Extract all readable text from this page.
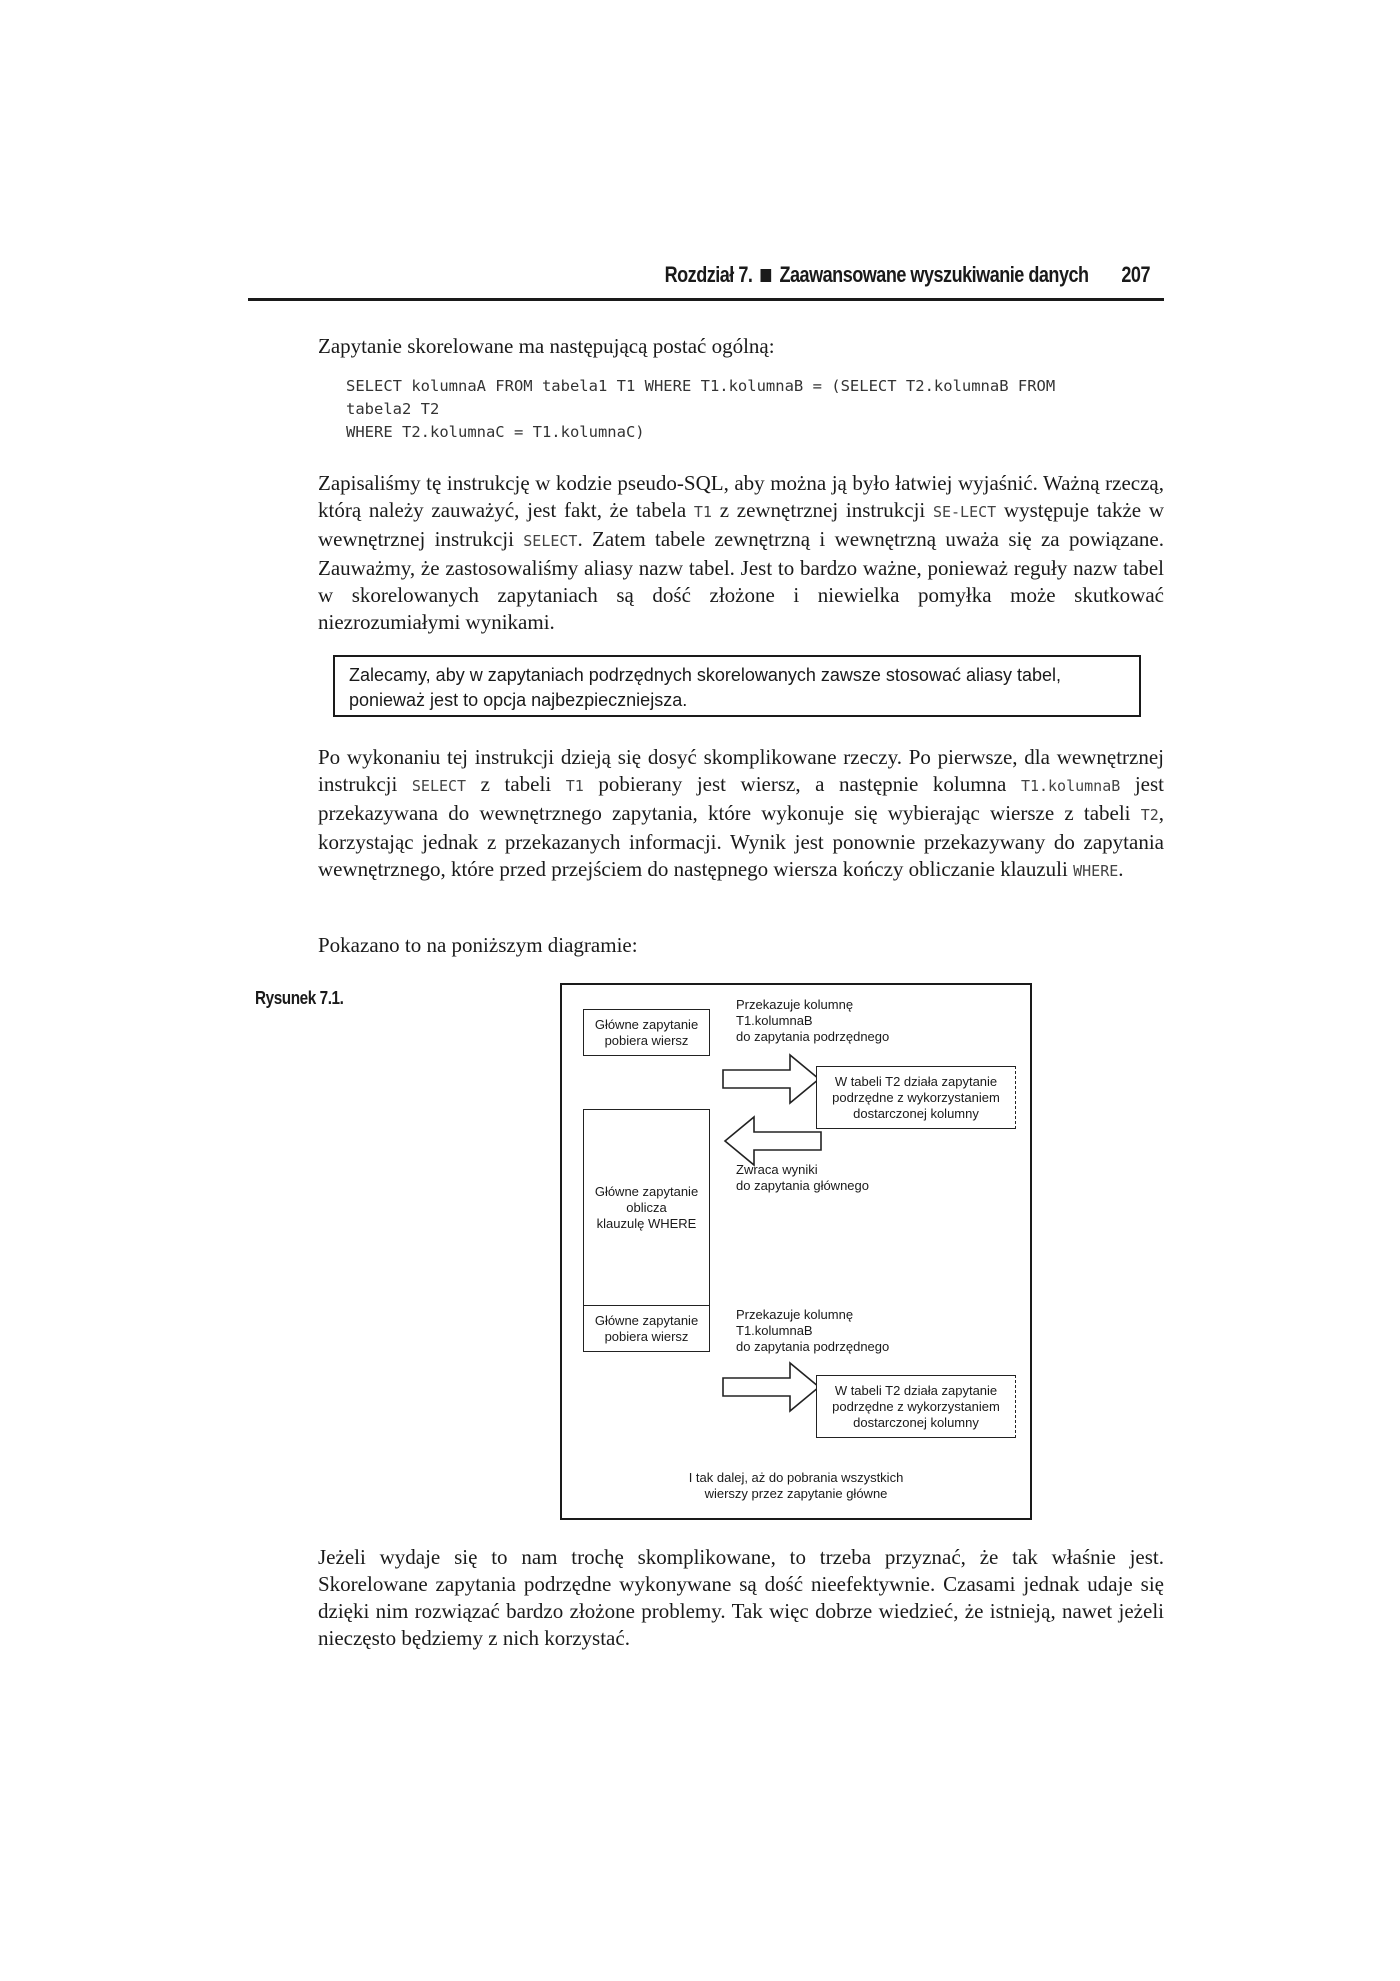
Rozdział 7. Zaawansowane wyszukiwanie danych 207

Zapytanie skorelowane ma następującą postać ogólną:

SELECT kolumnaA FROM tabela1 T1 WHERE T1.kolumnaB = (SELECT T2.kolumnaB FROM
tabela2 T2
WHERE T2.kolumnaC = T1.kolumnaC)

Zapisaliśmy tę instrukcję w kodzie pseudo-SQL, aby można ją było łatwiej wyjaśnić. Ważną rzeczą, którą należy zauważyć, jest fakt, że tabela T1 z zewnętrznej instrukcji SE-LECT występuje także w wewnętrznej instrukcji SELECT. Zatem tabele zewnętrzną i wewnętrzną uważa się za powiązane. Zauważmy, że zastosowaliśmy aliasy nazw tabel. Jest to bardzo ważne, ponieważ reguły nazw tabel w skorelowanych zapytaniach są dość złożone i niewielka pomyłka może skutkować niezrozumiałymi wynikami.

Zalecamy, aby w zapytaniach podrzędnych skorelowanych zawsze stosować aliasy tabel, ponieważ jest to opcja najbezpieczniejsza.

Po wykonaniu tej instrukcji dzieją się dosyć skomplikowane rzeczy. Po pierwsze, dla wewnętrznej instrukcji SELECT z tabeli T1 pobierany jest wiersz, a następnie kolumna T1.kolumnaB jest przekazywana do wewnętrznego zapytania, które wykonuje się wybierając wiersze z tabeli T2, korzystając jednak z przekazanych informacji. Wynik jest ponownie przekazywany do zapytania wewnętrznego, które przed przejściem do następnego wiersza kończy obliczanie klauzuli WHERE.

Pokazano to na poniższym diagramie:

Rysunek 7.1.
Główne zapytanie
pobiera wiersz
Przekazuje kolumnę
T1.kolumnaB
do zapytania podrzędnego
W tabeli T2 działa zapytanie
podrzędne z wykorzystaniem
dostarczonej kolumny
Główne zapytanie
oblicza
klauzulę WHERE
Zwraca wyniki
do zapytania głównego
Główne zapytanie
pobiera wiersz
Przekazuje kolumnę
T1.kolumnaB
do zapytania podrzędnego
W tabeli T2 działa zapytanie
podrzędne z wykorzystaniem
dostarczonej kolumny
I tak dalej, aż do pobrania wszystkich
wierszy przez zapytanie główne

Jeżeli wydaje się to nam trochę skomplikowane, to trzeba przyznać, że tak właśnie jest. Skorelowane zapytania podrzędne wykonywane są dość nieefektywnie. Czasami jednak udaje się dzięki nim rozwiązać bardzo złożone problemy. Tak więc dobrze wiedzieć, że istnieją, nawet jeżeli nieczęsto będziemy z nich korzystać.
